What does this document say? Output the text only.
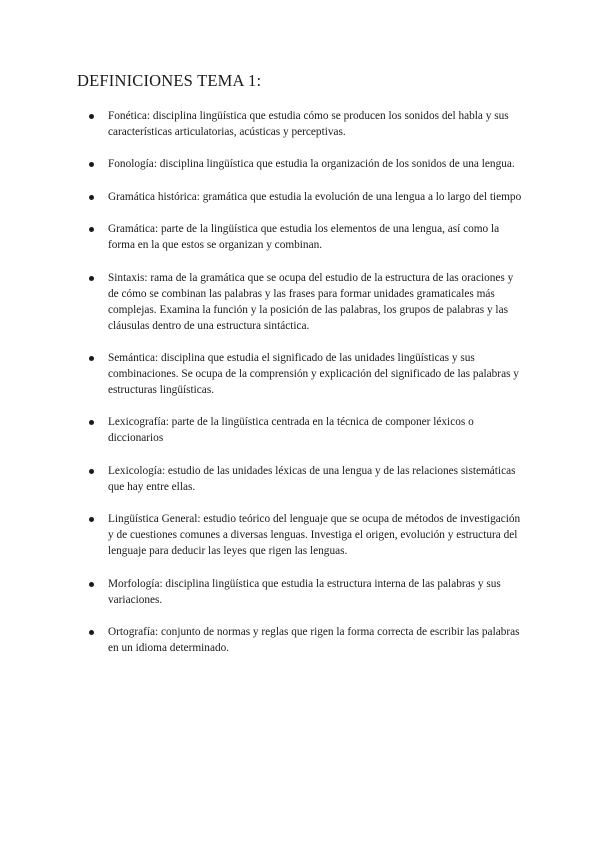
DEFINICIONES TEMA 1:
Fonética: disciplina lingüística que estudia cómo se producen los sonidos del habla y sus características articulatorias, acústicas y perceptivas.
Fonología: disciplina lingüística que estudia la organización de los sonidos de una lengua.
Gramática histórica: gramática que estudia la evolución de una lengua a lo largo del tiempo
Gramática: parte de la lingüística que estudia los elementos de una lengua, así como la forma en la que estos se organizan y combinan.
Sintaxis: rama de la gramática que se ocupa del estudio de la estructura de las oraciones y de cómo se combinan las palabras y las frases para formar unidades gramaticales más complejas. Examina la función y la posición de las palabras, los grupos de palabras y las cláusulas dentro de una estructura sintáctica.
Semántica: disciplina que estudia el significado de las unidades lingüísticas y sus combinaciones. Se ocupa de la comprensión y explicación del significado de las palabras y estructuras lingüísticas.
Lexicografía: parte de la lingüística centrada en la técnica de componer léxicos o diccionarios
Lexicología: estudio de las unidades léxicas de una lengua y de las relaciones sistemáticas que hay entre ellas.
Lingüística General: estudio teórico del lenguaje que se ocupa de métodos de investigación y de cuestiones comunes a diversas lenguas. Investiga el origen, evolución y estructura del lenguaje para deducir las leyes que rigen las lenguas.
Morfología: disciplina lingüística que estudia la estructura interna de las palabras y sus variaciones.
Ortografía: conjunto de normas y reglas que rigen la forma correcta de escribir las palabras en un idioma determinado.
